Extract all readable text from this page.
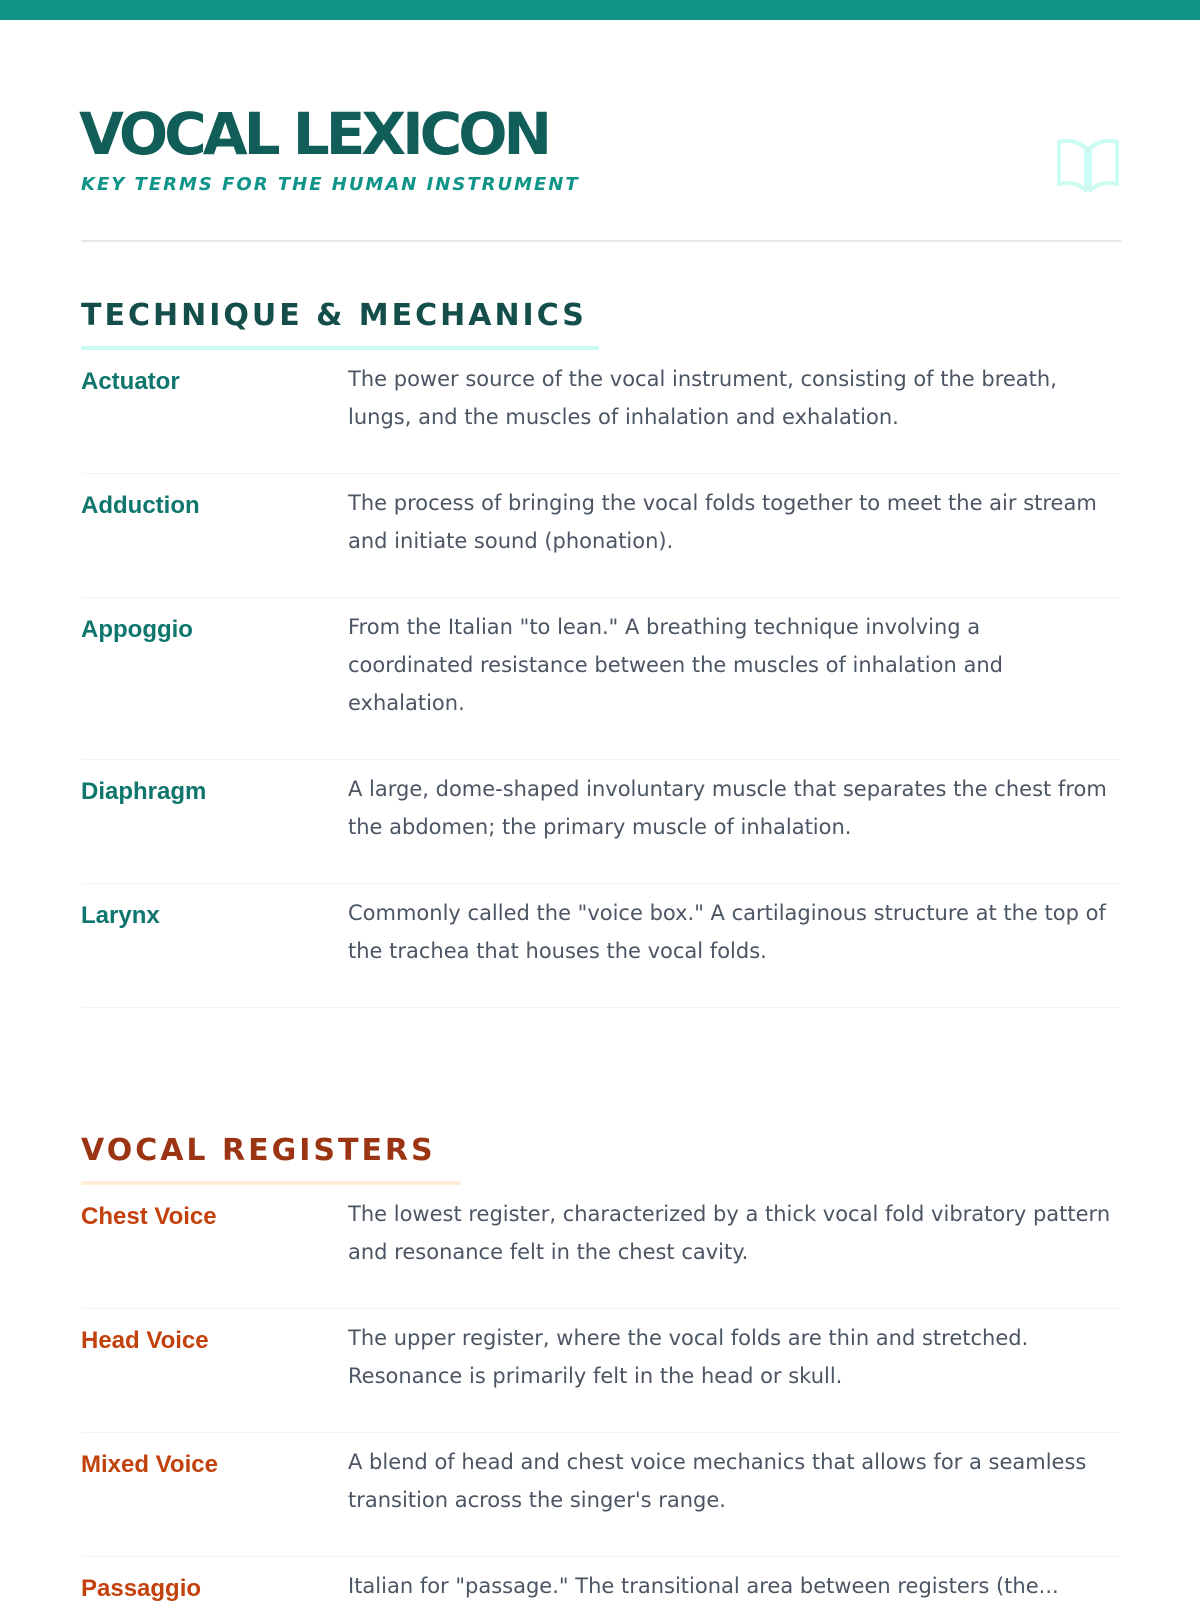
VOCAL LEXICON
KEY TERMS FOR THE HUMAN INSTRUMENT
TECHNIQUE & MECHANICS
Actuator	The power source of the vocal instrument, consisting of the breath, lungs, and the muscles of inhalation and exhalation.
Adduction	The process of bringing the vocal folds together to meet the air stream and initiate sound (phonation).
Appoggio	From the Italian "to lean." A breathing technique involving a coordinated resistance between the muscles of inhalation and exhalation.
Diaphragm	A large, dome-shaped involuntary muscle that separates the chest from the abdomen; the primary muscle of inhalation.
Larynx	Commonly called the "voice box." A cartilaginous structure at the top of the trachea that houses the vocal folds.
VOCAL REGISTERS
Chest Voice	The lowest register, characterized by a thick vocal fold vibratory pattern and resonance felt in the chest cavity.
Head Voice	The upper register, where the vocal folds are thin and stretched. Resonance is primarily felt in the head or skull.
Mixed Voice	A blend of head and chest voice mechanics that allows for a seamless transition across the singer's range.
Passaggio	Italian for "passage." The transitional area between registers (the...
